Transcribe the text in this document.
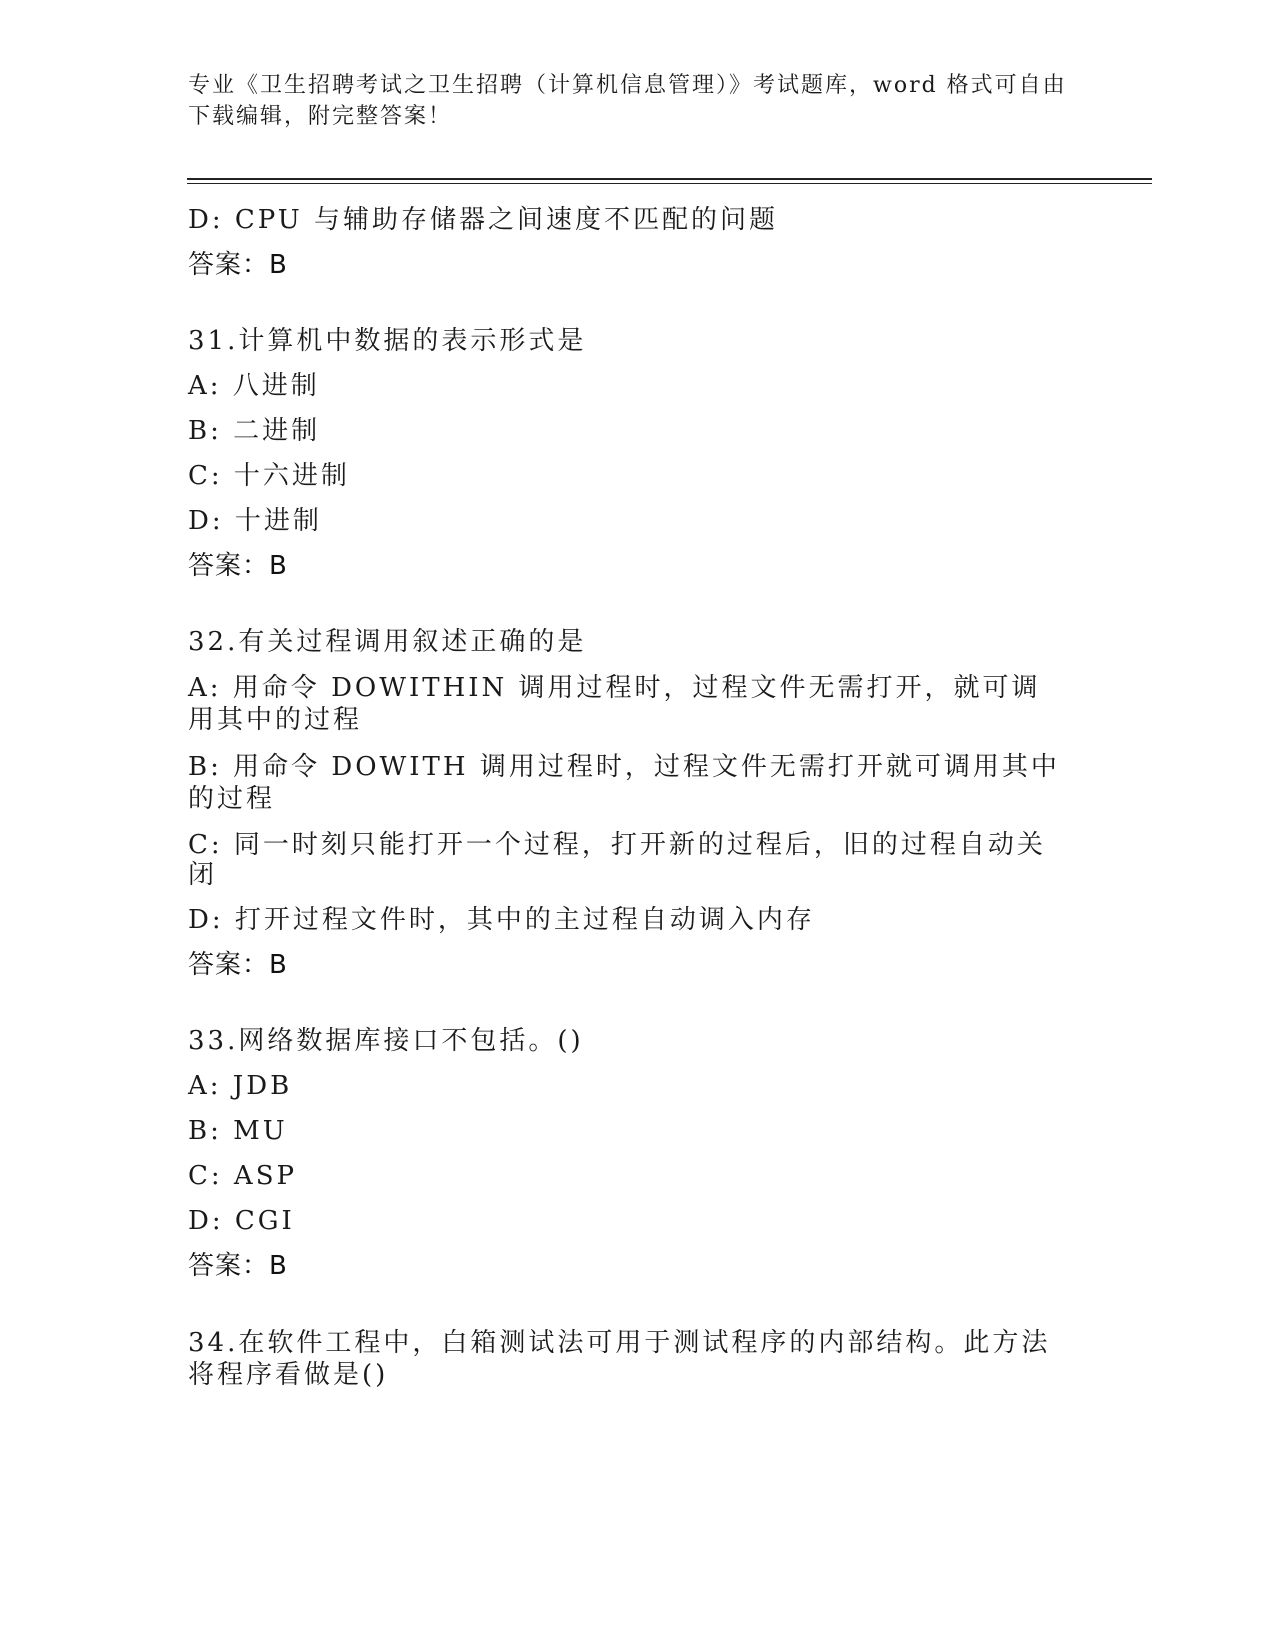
专业《卫生招聘考试之卫生招聘（计算机信息管理）》考试题库，word 格式可自由下载编辑，附完整答案！
D: CPU 与辅助存储器之间速度不匹配的问题
答案：B
31.计算机中数据的表示形式是
A: 八进制
B: 二进制
C: 十六进制
D: 十进制
答案：B
32.有关过程调用叙述正确的是
A: 用命令 DOWITHIN 调用过程时，过程文件无需打开，就可调用其中的过程
B: 用命令 DOWITH 调用过程时，过程文件无需打开就可调用其中的过程
C: 同一时刻只能打开一个过程，打开新的过程后，旧的过程自动关闭
D: 打开过程文件时，其中的主过程自动调入内存
答案：B
33.网络数据库接口不包括。()
A: JDB
B: MU
C: ASP
D: CGI
答案：B
34.在软件工程中，白箱测试法可用于测试程序的内部结构。此方法将程序看做是()
